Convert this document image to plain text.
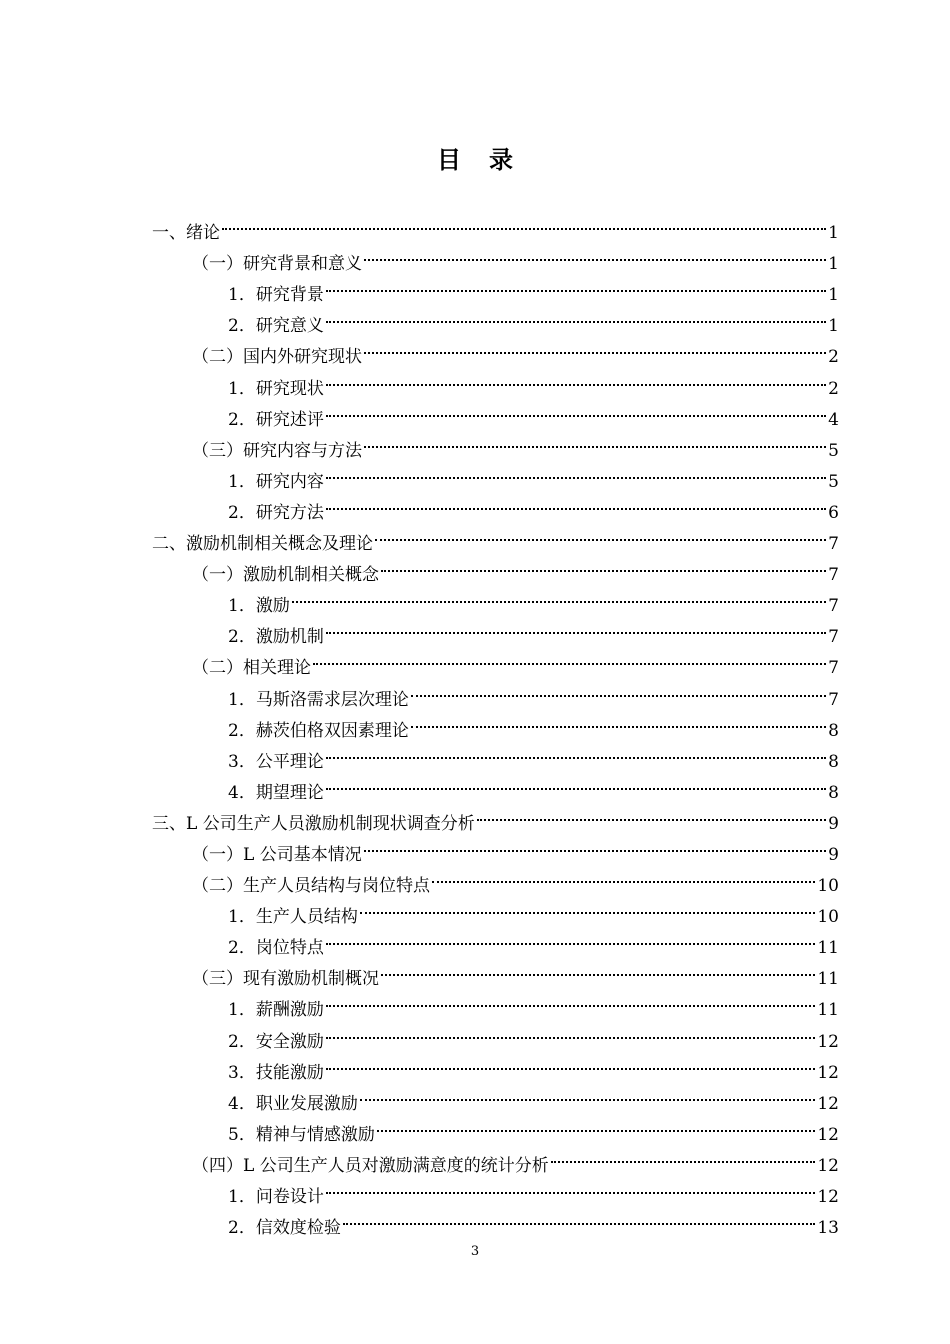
目录
一、绪论	1
（一）研究背景和意义	1
1．研究背景	1
2．研究意义	1
（二）国内外研究现状	2
1．研究现状	2
2．研究述评	4
（三）研究内容与方法	5
1．研究内容	5
2．研究方法	6
二、激励机制相关概念及理论	7
（一）激励机制相关概念	7
1．激励	7
2．激励机制	7
（二）相关理论	7
1．马斯洛需求层次理论	7
2．赫茨伯格双因素理论	8
3．公平理论	8
4．期望理论	8
三、L 公司生产人员激励机制现状调查分析	9
（一）L 公司基本情况	9
（二）生产人员结构与岗位特点	10
1．生产人员结构	10
2．岗位特点	11
（三）现有激励机制概况	11
1．薪酬激励	11
2．安全激励	12
3．技能激励	12
4．职业发展激励	12
5．精神与情感激励	12
（四）L 公司生产人员对激励满意度的统计分析	12
1．问卷设计	12
2．信效度检验	13
3
